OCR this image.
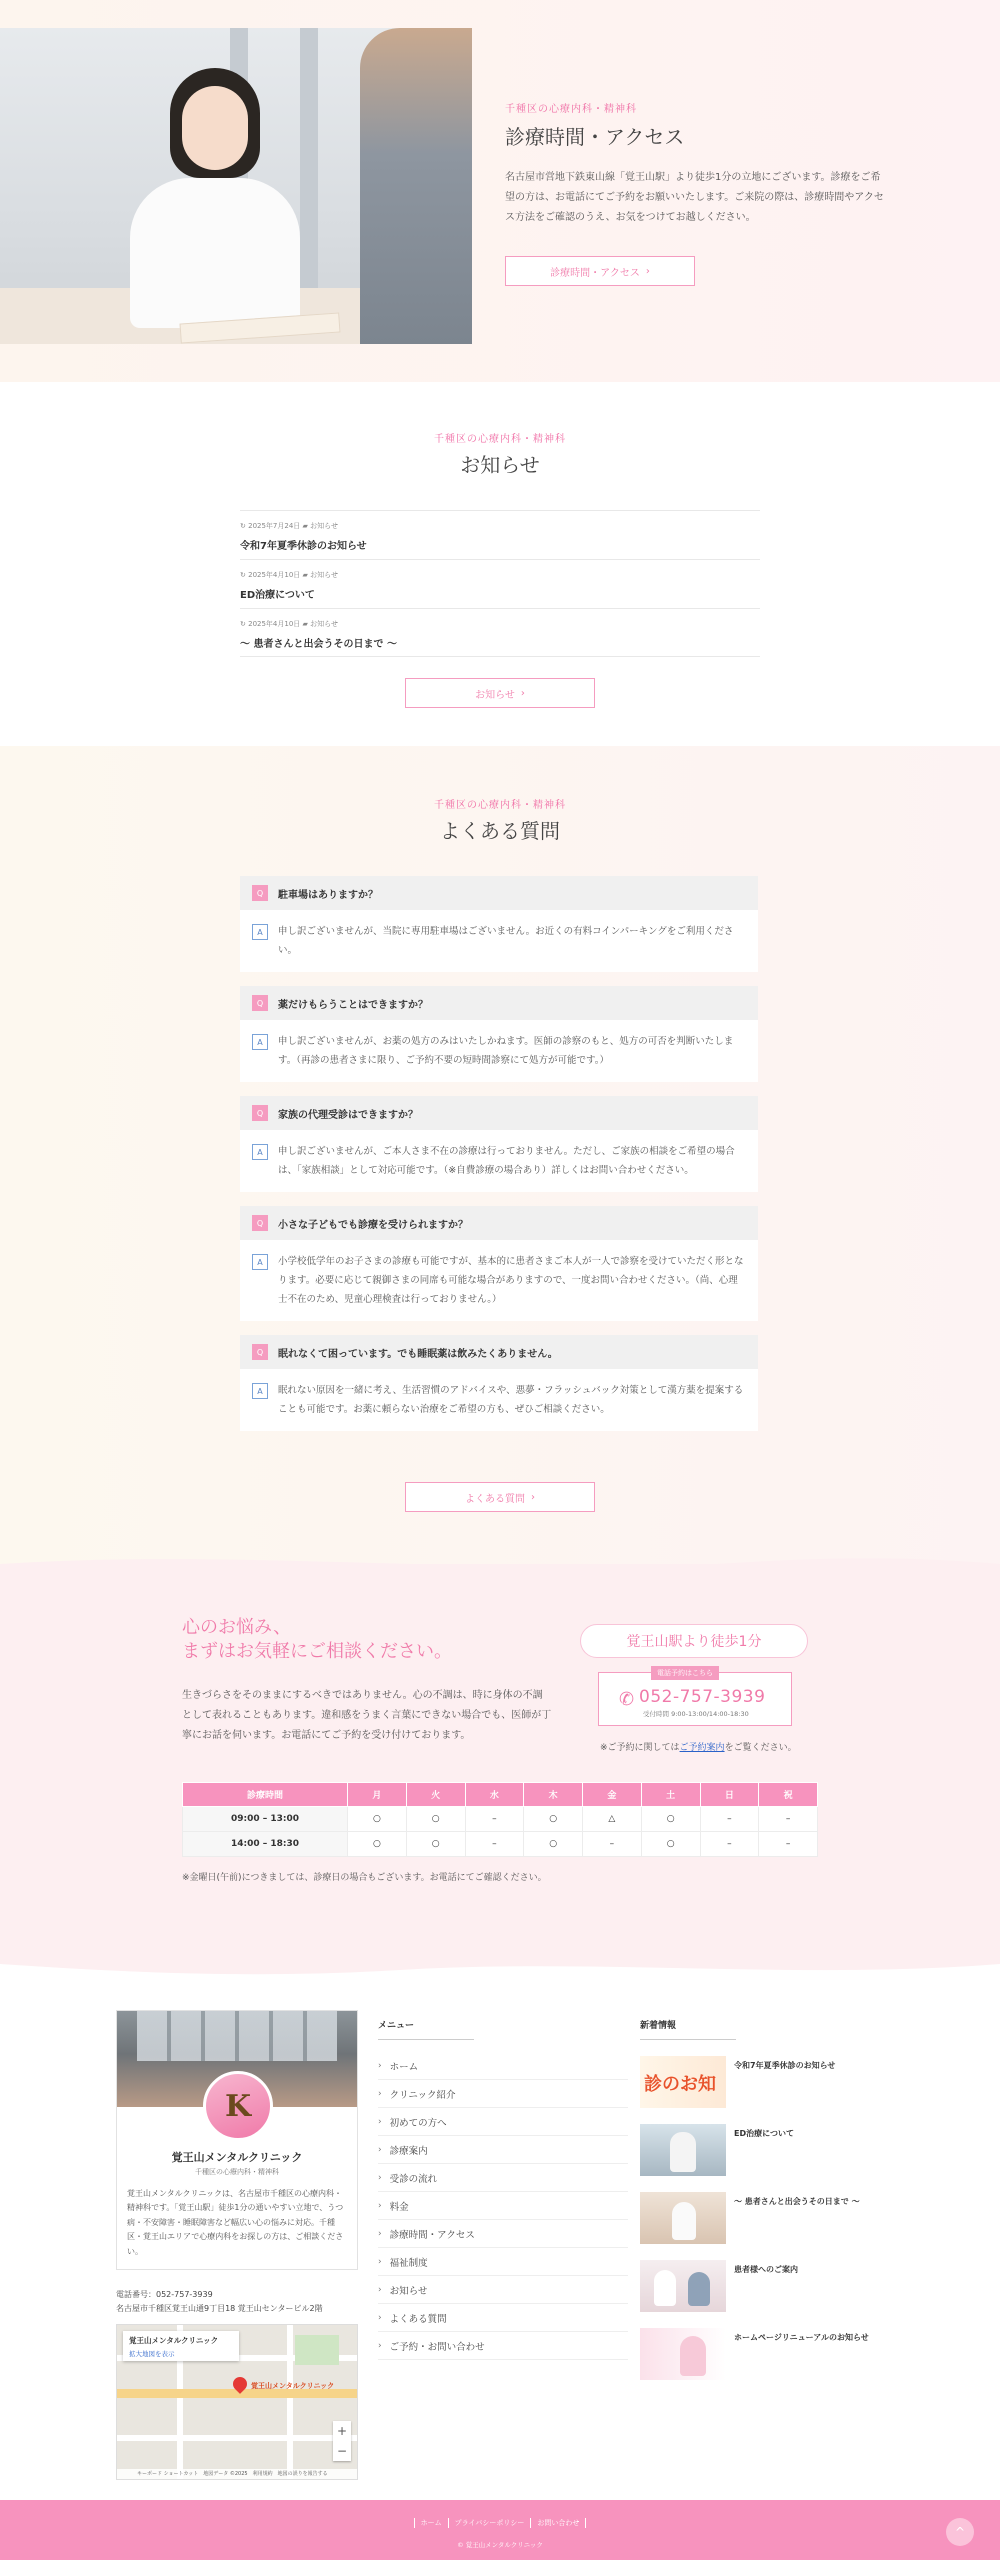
千種区の心療内科・精神科
診療時間・アクセス

名古屋市営地下鉄東山線「覚王山駅」より徒歩1分の立地にございます。診療をご希望の方は、お電話にてご予約をお願いいたします。ご来院の際は、診療時間やアクセス方法をご確認のうえ、お気をつけてお越しください。

診療時間・アクセス ›
千種区の心療内科・精神科
お知らせ
↻ 2025年7月24日 ▰ お知らせ
令和7年夏季休診のお知らせ
↻ 2025年4月10日 ▰ お知らせ
ED治療について
↻ 2025年4月10日 ▰ お知らせ
〜 患者さんと出会うその日まで 〜
お知らせ ›
千種区の心療内科・精神科
よくある質問
Q	駐車場はありますか？
A	申し訳ございませんが、当院に専用駐車場はございません。お近くの有料コインパーキングをご利用ください。

Q	薬だけもらうことはできますか？
A	申し訳ございませんが、お薬の処方のみはいたしかねます。医師の診察のもと、処方の可否を判断いたします。（再診の患者さまに限り、ご予約不要の短時間診察にて処方が可能です。）

Q	家族の代理受診はできますか？
A	申し訳ございませんが、ご本人さま不在の診療は行っておりません。ただし、ご家族の相談をご希望の場合は、「家族相談」として対応可能です。（※自費診療の場合あり）詳しくはお問い合わせください。

Q	小さな子どもでも診療を受けられますか？
A	小学校低学年のお子さまの診療も可能ですが、基本的に患者さまご本人が一人で診察を受けていただく形となります。必要に応じて親御さまの同席も可能な場合がありますので、一度お問い合わせください。（尚、心理士不在のため、児童心理検査は行っておりません。）

Q	眠れなくて困っています。でも睡眠薬は飲みたくありません。
A	眠れない原因を一緒に考え、生活習慣のアドバイスや、悪夢・フラッシュバック対策として漢方薬を提案することも可能です。お薬に頼らない治療をご希望の方も、ぜひご相談ください。

よくある質問 ›
心のお悩み、
まずはお気軽にご相談ください。

生きづらさをそのままにするべきではありません。心の不調は、時に身体の不調として表れることもあります。違和感をうまく言葉にできない場合でも、医師が丁寧にお話を伺います。お電話にてご予約を受け付けております。

覚王山駅より徒歩1分
電話予約はこちら
✆ 052-757-3939
受付時間 9:00-13:00/14:00-18:30
※ご予約に関してはご予約案内をご覧ください。
診療時間	月	火	水	木	金	土	日	祝
09:00 – 13:00	○	○	–	○	△	○	–	–
14:00 – 18:30	○	○	–	○	–	○	–	–

※金曜日(午前)につきましては、診療日の場合もございます。お電話にてご確認ください。

K
覚王山メンタルクリニック
千種区の心療内科・精神科

覚王山メンタルクリニックは、名古屋市千種区の心療内科・精神科です。「覚王山駅」徒歩1分の通いやすい立地で、うつ病・不安障害・睡眠障害など幅広い心の悩みに対応。千種区・覚王山エリアで心療内科をお探しの方は、ご相談ください。

電話番号：052-757-3939
名古屋市千種区覚王山通9丁目18 覚王山センタービル2階
覚王山メンタルクリニック
拡大地図を表示
覚王山メンタルクリニック
+
−
キーボード ショートカット　地図データ ©2025　利用規約　地図の誤りを報告する
メニュー
› ホーム
› クリニック紹介
› 初めての方へ
› 診療案内
› 受診の流れ
› 料金
› 診療時間・アクセス
› 福祉制度
› お知らせ
› よくある質問
› ご予約・お問い合わせ
新着情報
診のお知
令和7年夏季休診のお知らせ
ED治療について
〜 患者さんと出会うその日まで 〜
患者様へのご案内
ホームページリニューアルのお知らせ
ホーム プライバシーポリシー お問い合わせ
© 覚王山メンタルクリニック
^
